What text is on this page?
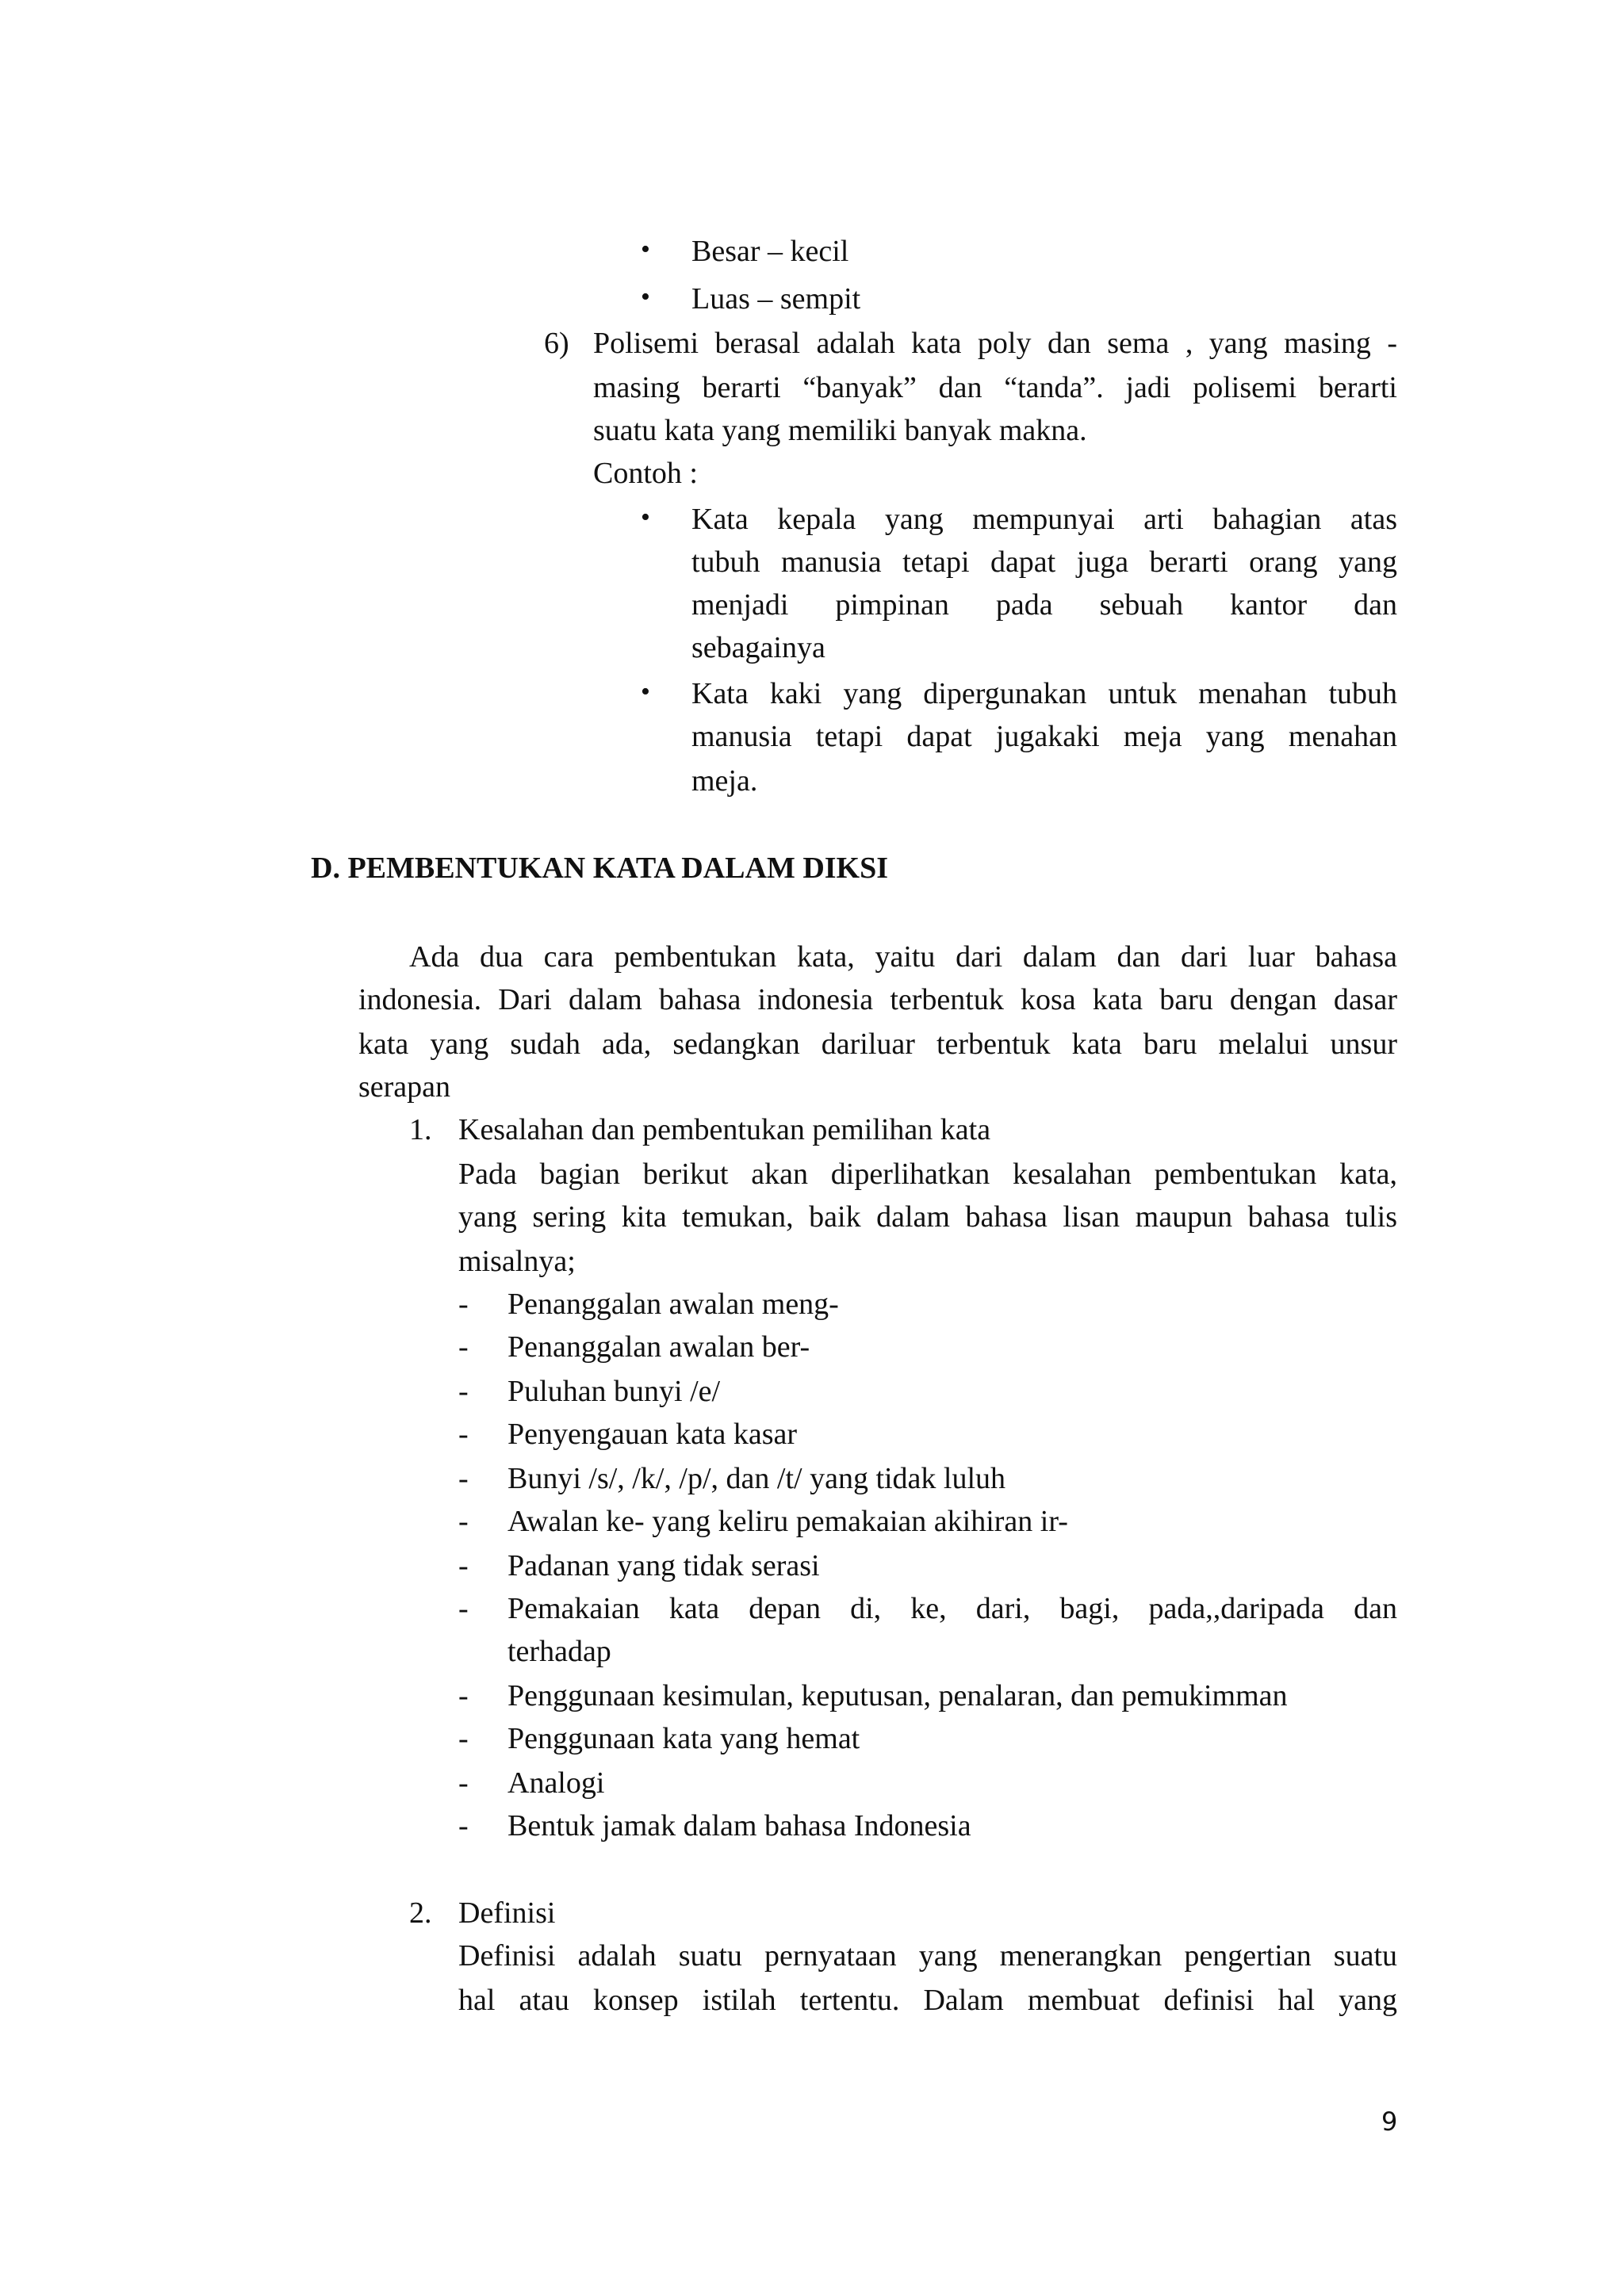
• Besar – kecil
• Luas – sempit
6) Polisemi berasal adalah kata poly dan sema , yang masing -
masing berarti “banyak” dan “tanda”. jadi polisemi berarti
suatu kata yang memiliki banyak makna.
Contoh :
• Kata kepala yang mempunyai arti bahagian atas
tubuh manusia tetapi dapat juga berarti orang yang
menjadi pimpinan pada sebuah kantor dan
sebagainya
• Kata kaki yang dipergunakan untuk menahan tubuh
manusia tetapi dapat jugakaki meja yang menahan
meja.
D. PEMBENTUKAN KATA DALAM DIKSI
Ada dua cara pembentukan kata, yaitu dari dalam dan dari luar bahasa
indonesia. Dari dalam bahasa indonesia terbentuk kosa kata baru dengan dasar
kata yang sudah ada, sedangkan dariluar terbentuk kata baru melalui unsur
serapan
1. Kesalahan dan pembentukan pemilihan kata
Pada bagian berikut akan diperlihatkan kesalahan pembentukan kata,
yang sering kita temukan, baik dalam bahasa lisan maupun bahasa tulis
misalnya;
- Penanggalan awalan meng-
- Penanggalan awalan ber-
- Puluhan bunyi /e/
- Penyengauan kata kasar
- Bunyi /s/, /k/, /p/, dan /t/ yang tidak luluh
- Awalan ke- yang keliru pemakaian akihiran ir-
- Padanan yang tidak serasi
- Pemakaian kata depan di, ke, dari, bagi, pada,,daripada dan
terhadap
- Penggunaan kesimulan, keputusan, penalaran, dan pemukimman
- Penggunaan kata yang hemat
- Analogi
- Bentuk jamak dalam bahasa Indonesia
2. Definisi
Definisi adalah suatu pernyataan yang menerangkan pengertian suatu
hal atau konsep istilah tertentu. Dalam membuat definisi hal yang
9
